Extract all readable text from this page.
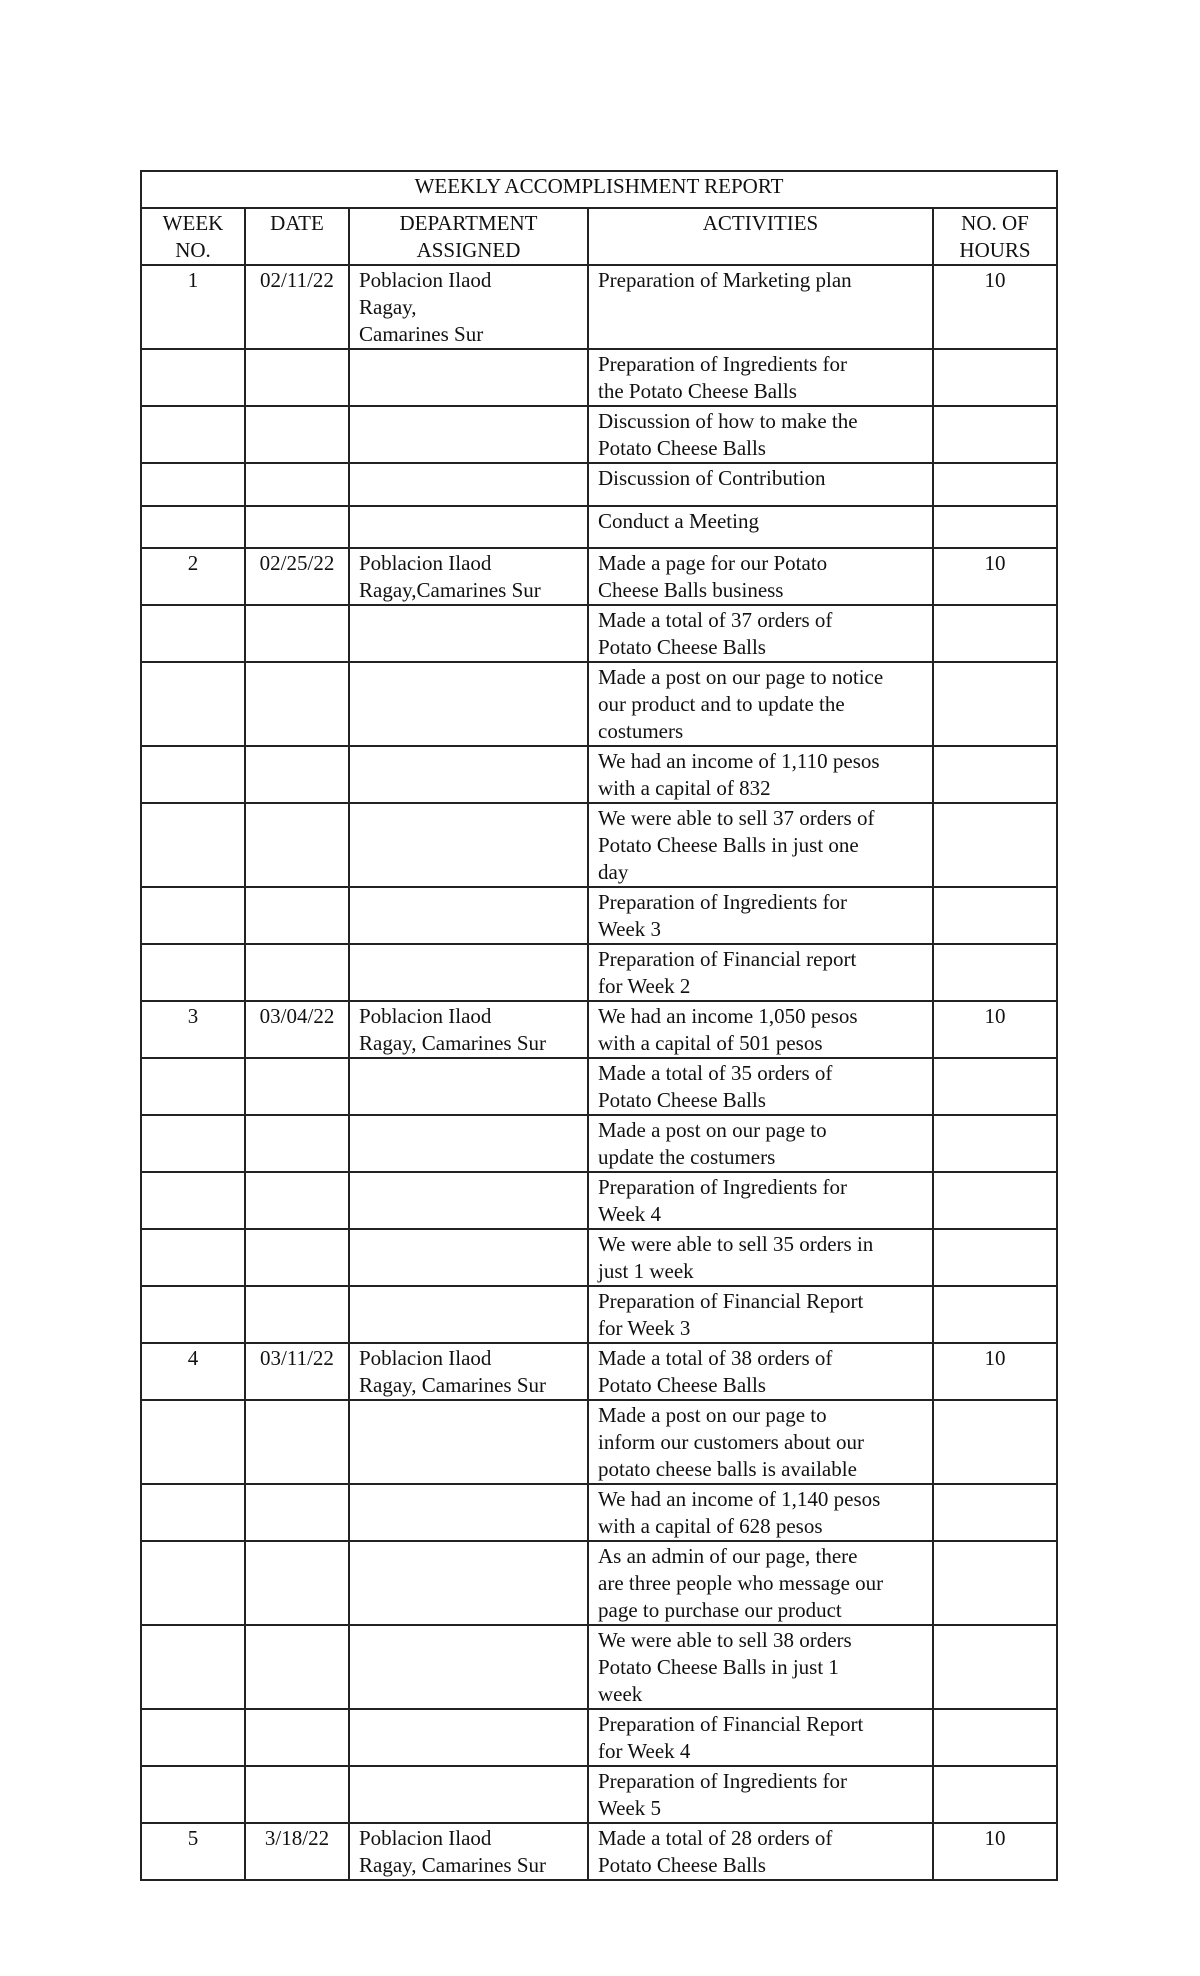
WEEKLY ACCOMPLISHMENT REPORT				
WEEK NO.	DATE	DEPARTMENT ASSIGNED	ACTIVITIES	NO. OF HOURS
1	02/11/22	Poblacion Ilaod
Ragay,
Camarines Sur	Preparation of Marketing plan	10
			Preparation of Ingredients for
the Potato Cheese Balls	
			Discussion of how to make the
Potato Cheese Balls	
			Discussion of Contribution	
			Conduct a Meeting	
2	02/25/22	Poblacion Ilaod
Ragay,Camarines Sur	Made a page for our Potato
Cheese Balls business	10
			Made a total of 37 orders of
Potato Cheese Balls	
			Made a post on our page to notice
our product and to update the
costumers	
			We had an income of 1,110 pesos
with a capital of 832	
			We were able to sell 37 orders of
Potato Cheese Balls in just one
day	
			Preparation of Ingredients for
Week 3	
			Preparation of Financial report
for Week 2	
3	03/04/22	Poblacion Ilaod
Ragay, Camarines Sur	We had an income 1,050 pesos
with a capital of 501 pesos	10
			Made a total of 35 orders of
Potato Cheese Balls	
			Made a post on our page to
update the costumers	
			Preparation of Ingredients for
Week 4	
			We were able to sell 35 orders in
just 1 week	
			Preparation of Financial Report
for Week 3	
4	03/11/22	Poblacion Ilaod
Ragay, Camarines Sur	Made a total of 38 orders of
Potato Cheese Balls	10
			Made a post on our page to
inform our customers about our
potato cheese balls is available	
			We had an income of 1,140 pesos
with a capital of 628 pesos	
			As an admin of our page, there
are three people who message our
page to purchase our product	
			We were able to sell 38 orders
Potato Cheese Balls in just 1
week	
			Preparation of Financial Report
for Week 4	
			Preparation of Ingredients for
Week 5	
5	3/18/22	Poblacion Ilaod
Ragay, Camarines Sur	Made a total of 28 orders of
Potato Cheese Balls	10
